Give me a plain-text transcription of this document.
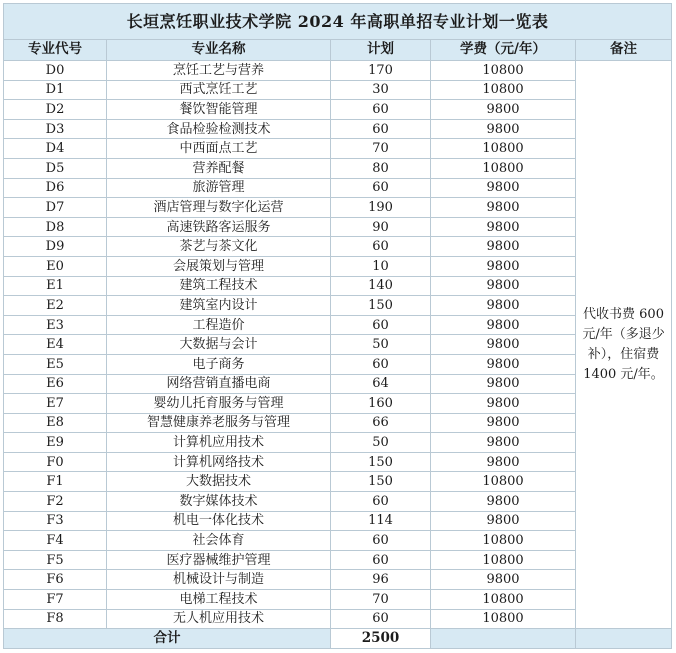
长垣烹饪职业技术学院 2024 年高职单招专业计划一览表				
专业代号	专业名称	计划	学费（元/年）	备注
D0	烹饪工艺与营养	170	10800	代收书费 600 元/年（多退少补），住宿费 1400 元/年。
D1	西式烹饪工艺	30	10800	
D2	餐饮智能管理	60	9800	
D3	食品检验检测技术	60	9800	
D4	中西面点工艺	70	10800	
D5	营养配餐	80	10800	
D6	旅游管理	60	9800	
D7	酒店管理与数字化运营	190	9800	
D8	高速铁路客运服务	90	9800	
D9	茶艺与茶文化	60	9800	
E0	会展策划与管理	10	9800	
E1	建筑工程技术	140	9800	
E2	建筑室内设计	150	9800	
E3	工程造价	60	9800	
E4	大数据与会计	50	9800	
E5	电子商务	60	9800	
E6	网络营销直播电商	64	9800	
E7	婴幼儿托育服务与管理	160	9800	
E8	智慧健康养老服务与管理	66	9800	
E9	计算机应用技术	50	9800	
F0	计算机网络技术	150	9800	
F1	大数据技术	150	10800	
F2	数字媒体技术	60	9800	
F3	机电一体化技术	114	9800	
F4	社会体育	60	10800	
F5	医疗器械维护管理	60	10800	
F6	机械设计与制造	96	9800	
F7	电梯工程技术	70	10800	
F8	无人机应用技术	60	10800	
合计		2500		
